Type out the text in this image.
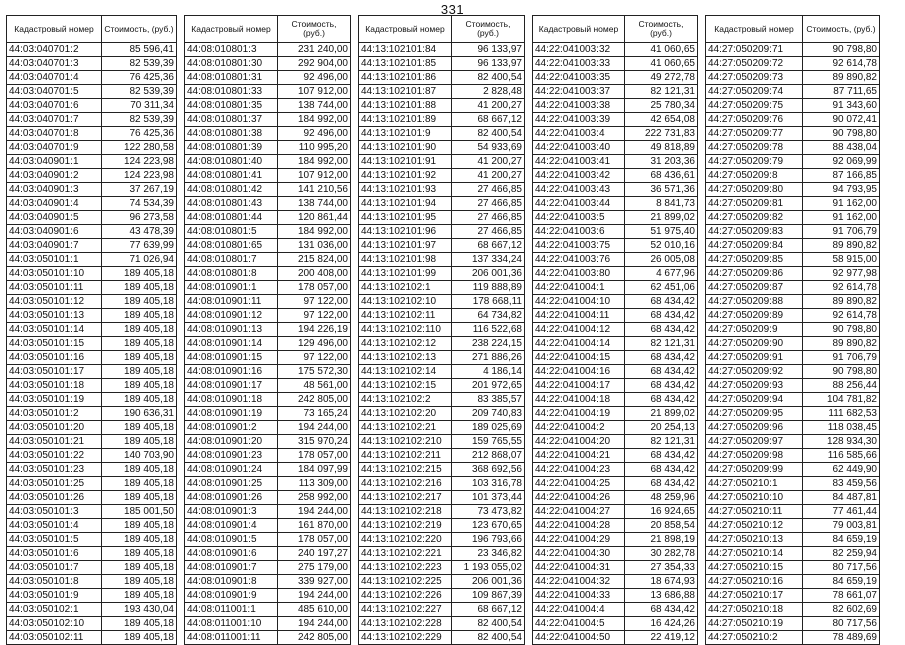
331
Кадастровый номер	Стоимость, (руб.)
44:03:040701:2	85 596,41
44:03:040701:3	82 539,39
44:03:040701:4	76 425,36
44:03:040701:5	82 539,39
44:03:040701:6	70 311,34
44:03:040701:7	82 539,39
44:03:040701:8	76 425,36
44:03:040701:9	122 280,58
44:03:040901:1	124 223,98
44:03:040901:2	124 223,98
44:03:040901:3	37 267,19
44:03:040901:4	74 534,39
44:03:040901:5	96 273,58
44:03:040901:6	43 478,39
44:03:040901:7	77 639,99
44:03:050101:1	71 026,94
44:03:050101:10	189 405,18
44:03:050101:11	189 405,18
44:03:050101:12	189 405,18
44:03:050101:13	189 405,18
44:03:050101:14	189 405,18
44:03:050101:15	189 405,18
44:03:050101:16	189 405,18
44:03:050101:17	189 405,18
44:03:050101:18	189 405,18
44:03:050101:19	189 405,18
44:03:050101:2	190 636,31
44:03:050101:20	189 405,18
44:03:050101:21	189 405,18
44:03:050101:22	140 703,90
44:03:050101:23	189 405,18
44:03:050101:25	189 405,18
44:03:050101:26	189 405,18
44:03:050101:3	185 001,50
44:03:050101:4	189 405,18
44:03:050101:5	189 405,18
44:03:050101:6	189 405,18
44:03:050101:7	189 405,18
44:03:050101:8	189 405,18
44:03:050101:9	189 405,18
44:03:050102:1	193 430,04
44:03:050102:10	189 405,18
44:03:050102:11	189 405,18
Кадастровый номер	Стоимость, (руб.)
44:08:010801:3	231 240,00
44:08:010801:30	292 904,00
44:08:010801:31	92 496,00
44:08:010801:33	107 912,00
44:08:010801:35	138 744,00
44:08:010801:37	184 992,00
44:08:010801:38	92 496,00
44:08:010801:39	110 995,20
44:08:010801:40	184 992,00
44:08:010801:41	107 912,00
44:08:010801:42	141 210,56
44:08:010801:43	138 744,00
44:08:010801:44	120 861,44
44:08:010801:5	184 992,00
44:08:010801:65	131 036,00
44:08:010801:7	215 824,00
44:08:010801:8	200 408,00
44:08:010901:1	178 057,00
44:08:010901:11	97 122,00
44:08:010901:12	97 122,00
44:08:010901:13	194 226,19
44:08:010901:14	129 496,00
44:08:010901:15	97 122,00
44:08:010901:16	175 572,30
44:08:010901:17	48 561,00
44:08:010901:18	242 805,00
44:08:010901:19	73 165,24
44:08:010901:2	194 244,00
44:08:010901:20	315 970,24
44:08:010901:23	178 057,00
44:08:010901:24	184 097,99
44:08:010901:25	113 309,00
44:08:010901:26	258 992,00
44:08:010901:3	194 244,00
44:08:010901:4	161 870,00
44:08:010901:5	178 057,00
44:08:010901:6	240 197,27
44:08:010901:7	275 179,00
44:08:010901:8	339 927,00
44:08:010901:9	194 244,00
44:08:011001:1	485 610,00
44:08:011001:10	194 244,00
44:08:011001:11	242 805,00
Кадастровый номер	Стоимость, (руб.)
44:13:102101:84	96 133,97
44:13:102101:85	96 133,97
44:13:102101:86	82 400,54
44:13:102101:87	2 828,48
44:13:102101:88	41 200,27
44:13:102101:89	68 667,12
44:13:102101:9	82 400,54
44:13:102101:90	54 933,69
44:13:102101:91	41 200,27
44:13:102101:92	41 200,27
44:13:102101:93	27 466,85
44:13:102101:94	27 466,85
44:13:102101:95	27 466,85
44:13:102101:96	27 466,85
44:13:102101:97	68 667,12
44:13:102101:98	137 334,24
44:13:102101:99	206 001,36
44:13:102102:1	119 888,89
44:13:102102:10	178 668,11
44:13:102102:11	64 734,82
44:13:102102:110	116 522,68
44:13:102102:12	238 224,15
44:13:102102:13	271 886,26
44:13:102102:14	4 186,14
44:13:102102:15	201 972,65
44:13:102102:2	83 385,57
44:13:102102:20	209 740,83
44:13:102102:21	189 025,69
44:13:102102:210	159 765,55
44:13:102102:211	212 868,07
44:13:102102:215	368 692,56
44:13:102102:216	103 316,78
44:13:102102:217	101 373,44
44:13:102102:218	73 473,82
44:13:102102:219	123 670,65
44:13:102102:220	196 793,66
44:13:102102:221	23 346,82
44:13:102102:223	1 193 055,02
44:13:102102:225	206 001,36
44:13:102102:226	109 867,39
44:13:102102:227	68 667,12
44:13:102102:228	82 400,54
44:13:102102:229	82 400,54
Кадастровый номер	Стоимость, (руб.)
44:22:041003:32	41 060,65
44:22:041003:33	41 060,65
44:22:041003:35	49 272,78
44:22:041003:37	82 121,31
44:22:041003:38	25 780,34
44:22:041003:39	42 654,08
44:22:041003:4	222 731,83
44:22:041003:40	49 818,89
44:22:041003:41	31 203,36
44:22:041003:42	68 436,61
44:22:041003:43	36 571,36
44:22:041003:44	8 841,73
44:22:041003:5	21 899,02
44:22:041003:6	51 975,40
44:22:041003:75	52 010,16
44:22:041003:76	26 005,08
44:22:041003:80	4 677,96
44:22:041004:1	62 451,06
44:22:041004:10	68 434,42
44:22:041004:11	68 434,42
44:22:041004:12	68 434,42
44:22:041004:14	82 121,31
44:22:041004:15	68 434,42
44:22:041004:16	68 434,42
44:22:041004:17	68 434,42
44:22:041004:18	68 434,42
44:22:041004:19	21 899,02
44:22:041004:2	20 254,13
44:22:041004:20	82 121,31
44:22:041004:21	68 434,42
44:22:041004:23	68 434,42
44:22:041004:25	68 434,42
44:22:041004:26	48 259,96
44:22:041004:27	16 924,65
44:22:041004:28	20 858,54
44:22:041004:29	21 898,19
44:22:041004:30	30 282,78
44:22:041004:31	27 354,33
44:22:041004:32	18 674,93
44:22:041004:33	13 686,88
44:22:041004:4	68 434,42
44:22:041004:5	16 424,26
44:22:041004:50	22 419,12
Кадастровый номер	Стоимость, (руб.)
44:27:050209:71	90 798,80
44:27:050209:72	92 614,78
44:27:050209:73	89 890,82
44:27:050209:74	87 711,65
44:27:050209:75	91 343,60
44:27:050209:76	90 072,41
44:27:050209:77	90 798,80
44:27:050209:78	88 438,04
44:27:050209:79	92 069,99
44:27:050209:8	87 166,85
44:27:050209:80	94 793,95
44:27:050209:81	91 162,00
44:27:050209:82	91 162,00
44:27:050209:83	91 706,79
44:27:050209:84	89 890,82
44:27:050209:85	58 915,00
44:27:050209:86	92 977,98
44:27:050209:87	92 614,78
44:27:050209:88	89 890,82
44:27:050209:89	92 614,78
44:27:050209:9	90 798,80
44:27:050209:90	89 890,82
44:27:050209:91	91 706,79
44:27:050209:92	90 798,80
44:27:050209:93	88 256,44
44:27:050209:94	104 781,82
44:27:050209:95	111 682,53
44:27:050209:96	118 038,45
44:27:050209:97	128 934,30
44:27:050209:98	116 585,66
44:27:050209:99	62 449,90
44:27:050210:1	83 459,56
44:27:050210:10	84 487,81
44:27:050210:11	77 461,44
44:27:050210:12	79 003,81
44:27:050210:13	84 659,19
44:27:050210:14	82 259,94
44:27:050210:15	80 717,56
44:27:050210:16	84 659,19
44:27:050210:17	78 661,07
44:27:050210:18	82 602,69
44:27:050210:19	80 717,56
44:27:050210:2	78 489,69
